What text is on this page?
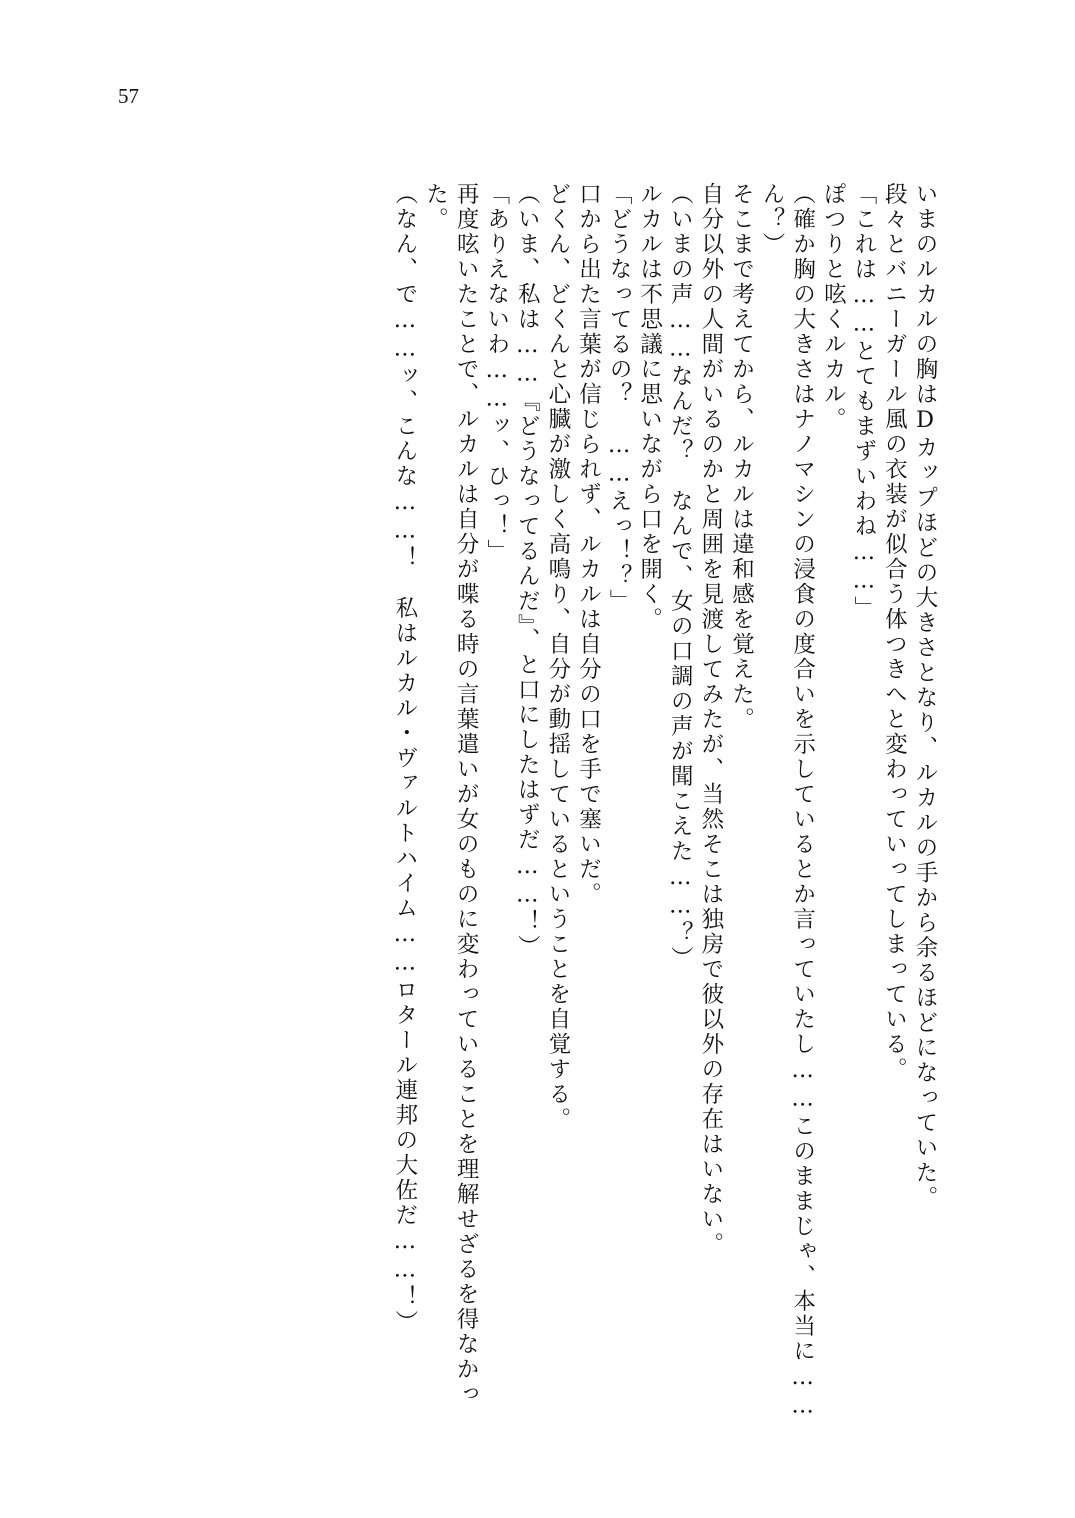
57

いまのルカルの胸はDカップほどの大きさとなり、ルカルの手から余るほどになっていた。

段々とバニーガール風の衣装が似合う体つきへと変わっていってしまっている。

「これは……とてもまずいわね……」

ぽつりと呟くルカル。

（確か胸の大きさはナノマシンの浸食の度合いを示しているとか言っていたし……このままじゃ、本当に……ん？）

そこまで考えてから、ルカルは違和感を覚えた。

自分以外の人間がいるのかと周囲を見渡してみたが、当然そこは独房で彼以外の存在はいない。

（いまの声……なんだ？　なんで、女の口調の声が聞こえた……？）

ルカルは不思議に思いながら口を開く。

「どうなってるの？　……えっ！？」

口から出た言葉が信じられず、ルカルは自分の口を手で塞いだ。

どくん、どくんと心臓が激しく高鳴り、自分が動揺しているということを自覚する。

（いま、私は……『どうなってるんだ』、と口にしたはずだ……！）

「ありえないわ……ッ、ひっ！」

再度呟いたことで、ルカルは自分が喋る時の言葉遣いが女のものに変わっていることを理解せざるを得なかった。

（なん、で……ッ、こんな……！　私はルカル・ヴァルトハイム……ロタール連邦の大佐だ……！）
